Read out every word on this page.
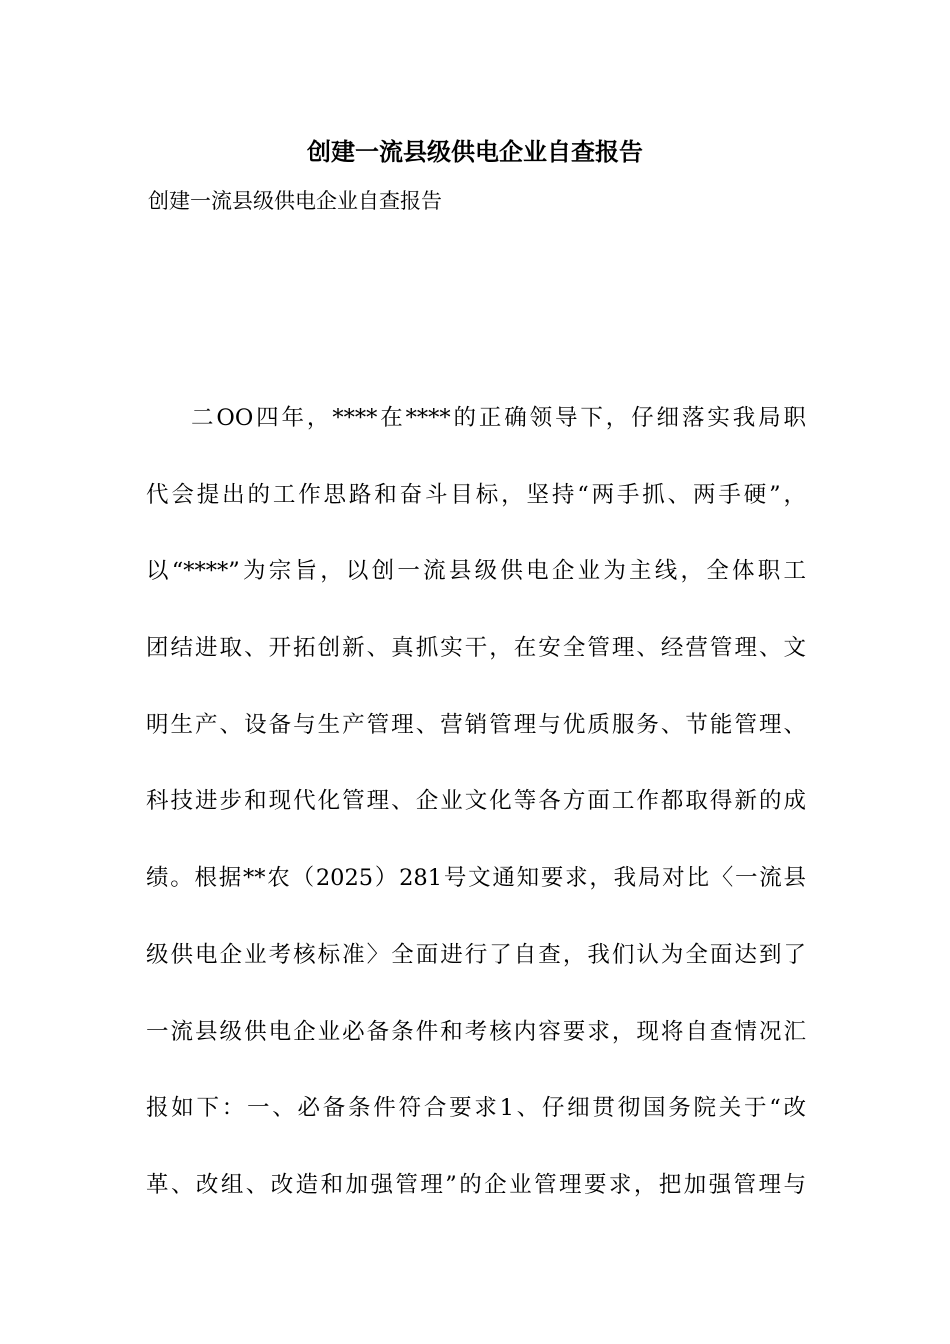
创建一流县级供电企业自查报告

创建一流县级供电企业自查报告

二OO四年，****在****的正确领导下，仔细落实我局职
代会提出的工作思路和奋斗目标，坚持“两手抓、两手硬”，
以“****”为宗旨，以创一流县级供电企业为主线，全体职工
团结进取、开拓创新、真抓实干，在安全管理、经营管理、文
明生产、设备与生产管理、营销管理与优质服务、节能管理、
科技进步和现代化管理、企业文化等各方面工作都取得新的成
绩。根据**农（2025）281号文通知要求，我局对比〈一流县
级供电企业考核标准〉全面进行了自查，我们认为全面达到了
一流县级供电企业必备条件和考核内容要求，现将自查情况汇
报如下：一、必备条件符合要求1、仔细贯彻国务院关于“改
革、改组、改造和加强管理”的企业管理要求，把加强管理与
